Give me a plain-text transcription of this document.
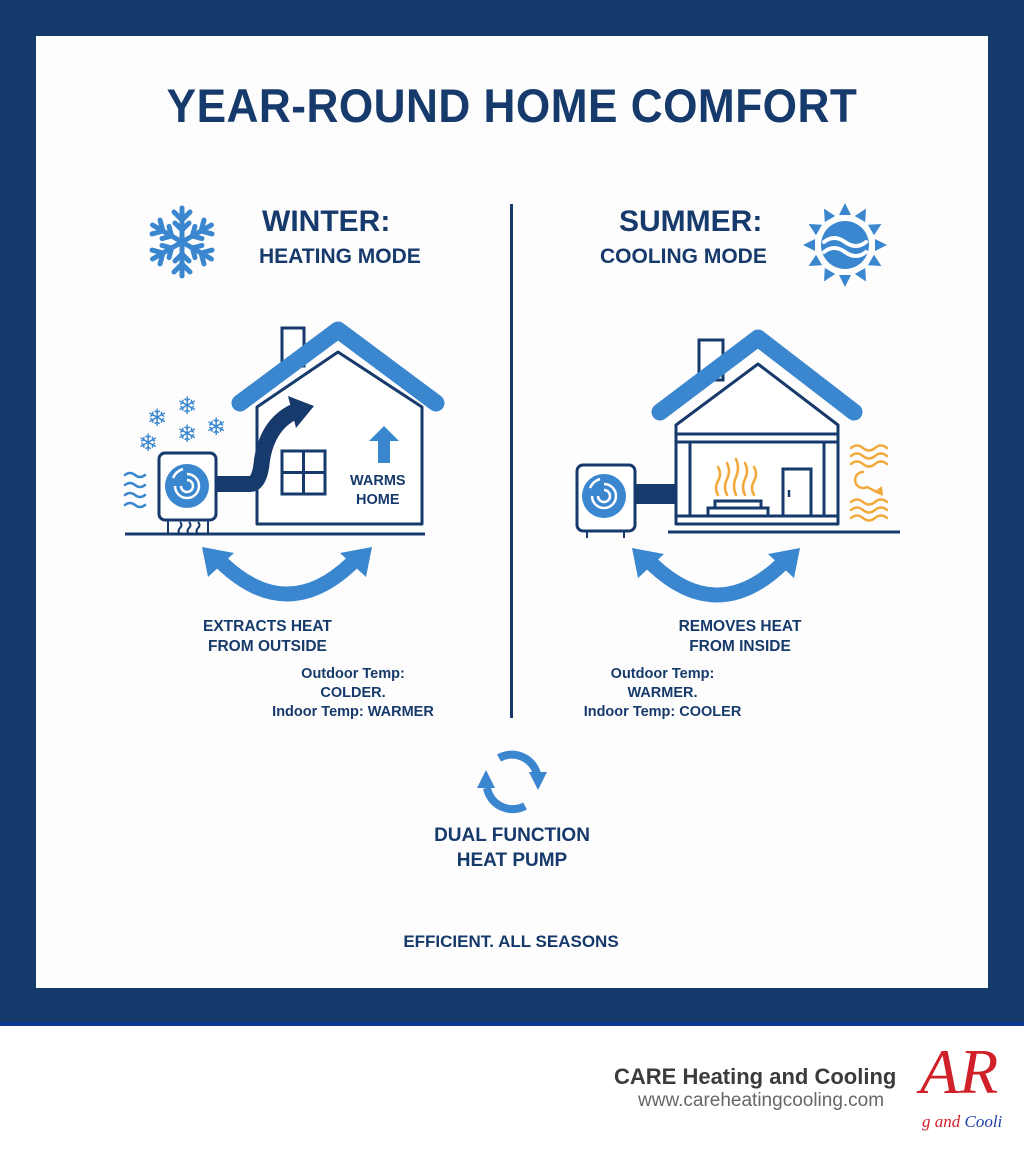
YEAR-ROUND HOME COMFORT
WINTER:
HEATING MODE
SUMMER:
COOLING MODE
❄
❄ ❄
❄ ❄
WARMS
HOME
EXTRACTS HEAT
FROM OUTSIDE
Outdoor Temp:
COLDER.
Indoor Temp: WARMER
REMOVES HEAT
FROM INSIDE
Outdoor Temp:
WARMER.
Indoor Temp: COOLER
DUAL FUNCTION
HEAT PUMP
EFFICIENT. ALL SEASONS
CARE Heating and Cooling
www.careheatingcooling.com AR
g and Cooli
